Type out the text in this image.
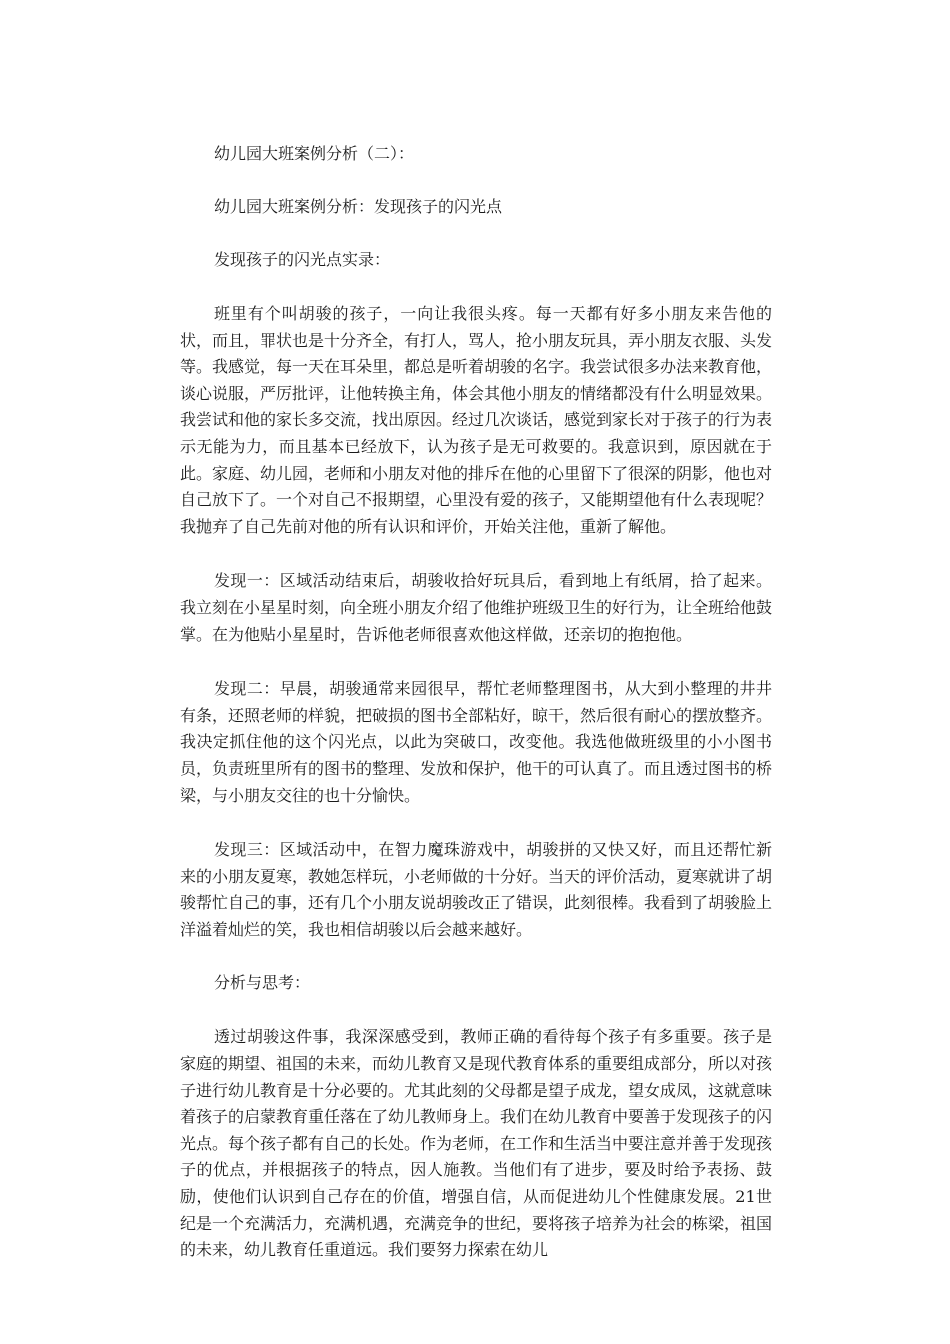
幼儿园大班案例分析（二）：
幼儿园大班案例分析：发现孩子的闪光点
发现孩子的闪光点实录：

班里有个叫胡骏的孩子，一向让我很头疼。每一天都有好多小朋友来告他的状，而且，罪状也是十分齐全，有打人，骂人，抢小朋友玩具，弄小朋友衣服、头发等。我感觉，每一天在耳朵里，都总是听着胡骏的名字。我尝试很多办法来教育他，谈心说服，严厉批评，让他转换主角，体会其他小朋友的情绪都没有什么明显效果。我尝试和他的家长多交流，找出原因。经过几次谈话，感觉到家长对于孩子的行为表示无能为力，而且基本已经放下，认为孩子是无可救要的。我意识到，原因就在于此。家庭、幼儿园，老师和小朋友对他的排斥在他的心里留下了很深的阴影，他也对自己放下了。一个对自己不报期望，心里没有爱的孩子，又能期望他有什么表现呢？我抛弃了自己先前对他的所有认识和评价，开始关注他，重新了解他。

发现一：区域活动结束后，胡骏收拾好玩具后，看到地上有纸屑，拾了起来。我立刻在小星星时刻，向全班小朋友介绍了他维护班级卫生的好行为，让全班给他鼓掌。在为他贴小星星时，告诉他老师很喜欢他这样做，还亲切的抱抱他。

发现二：早晨，胡骏通常来园很早，帮忙老师整理图书，从大到小整理的井井有条，还照老师的样貌，把破损的图书全部粘好，晾干，然后很有耐心的摆放整齐。我决定抓住他的这个闪光点，以此为突破口，改变他。我选他做班级里的小小图书员，负责班里所有的图书的整理、发放和保护，他干的可认真了。而且透过图书的桥梁，与小朋友交往的也十分愉快。

发现三：区域活动中，在智力魔珠游戏中，胡骏拼的又快又好，而且还帮忙新来的小朋友夏寒，教她怎样玩，小老师做的十分好。当天的评价活动，夏寒就讲了胡骏帮忙自己的事，还有几个小朋友说胡骏改正了错误，此刻很棒。我看到了胡骏脸上洋溢着灿烂的笑，我也相信胡骏以后会越来越好。

分析与思考：

透过胡骏这件事，我深深感受到，教师正确的看待每个孩子有多重要。孩子是家庭的期望、祖国的未来，而幼儿教育又是现代教育体系的重要组成部分，所以对孩子进行幼儿教育是十分必要的。尤其此刻的父母都是望子成龙，望女成凤，这就意味着孩子的启蒙教育重任落在了幼儿教师身上。我们在幼儿教育中要善于发现孩子的闪光点。每个孩子都有自己的长处。作为老师，在工作和生活当中要注意并善于发现孩子的优点，并根据孩子的特点，因人施教。当他们有了进步，要及时给予表扬、鼓励，使他们认识到自己存在的价值，增强自信，从而促进幼儿个性健康发展。21世纪是一个充满活力，充满机遇，充满竞争的世纪，要将孩子培养为社会的栋梁，祖国的未来，幼儿教育任重道远。我们要努力探索在幼儿
